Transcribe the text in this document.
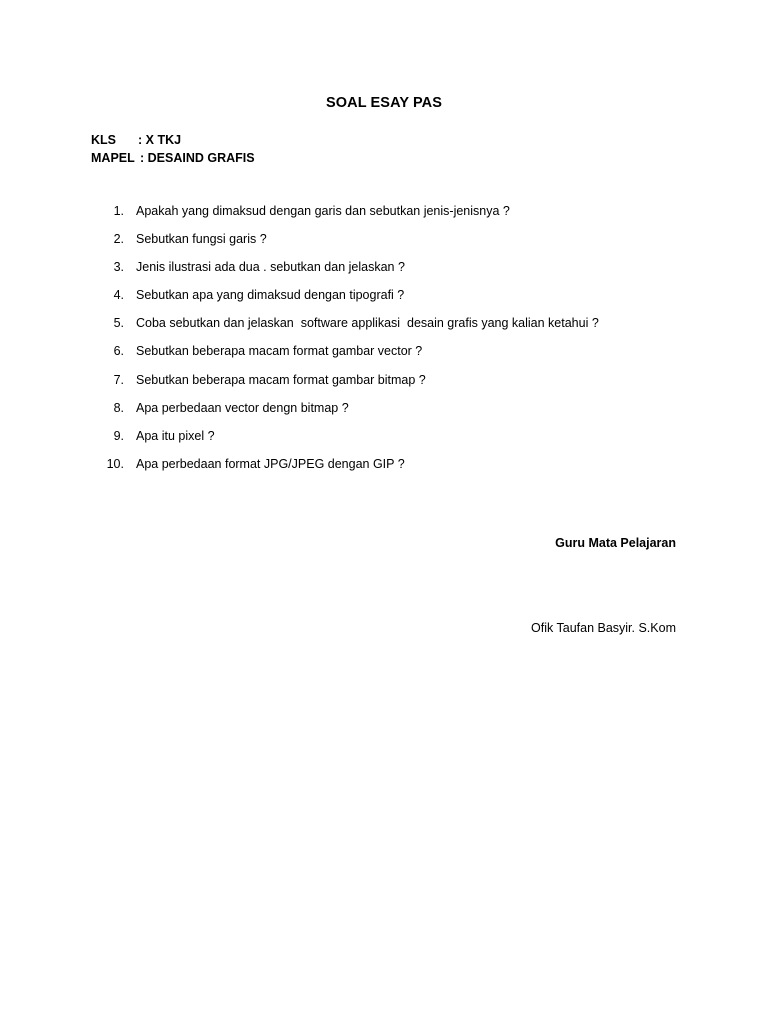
SOAL ESAY PAS
KLS : X TKJ
MAPEL : DESAIND GRAFIS
1. Apakah yang dimaksud dengan garis dan sebutkan jenis-jenisnya ?
2. Sebutkan fungsi garis ?
3. Jenis ilustrasi ada dua . sebutkan dan jelaskan ?
4. Sebutkan apa yang dimaksud dengan tipografi ?
5. Coba sebutkan dan jelaskan  software applikasi  desain grafis yang kalian ketahui ?
6. Sebutkan beberapa macam format gambar vector ?
7. Sebutkan beberapa macam format gambar bitmap ?
8. Apa perbedaan vector dengn bitmap ?
9. Apa itu pixel ?
10. Apa perbedaan format JPG/JPEG dengan GIP ?
Guru Mata Pelajaran
Ofik Taufan Basyir. S.Kom
